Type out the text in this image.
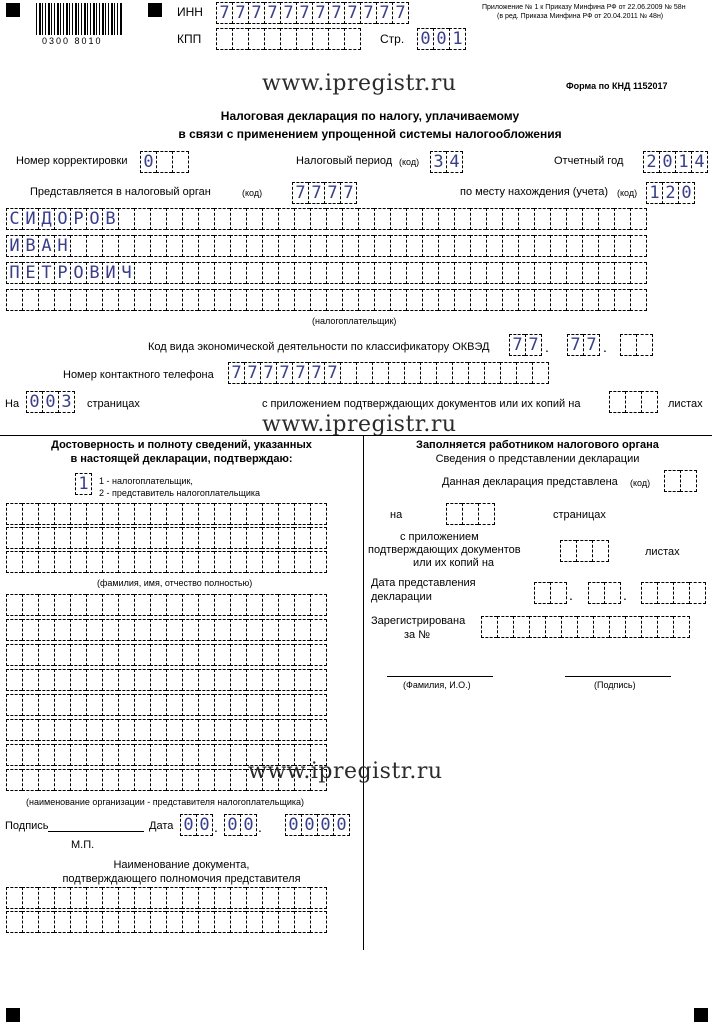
0300 8010
ИНН 7 7 7 7 7 7 7 7 7 7 7 7
КПП	Стр. 0 0 1
Приложение № 1 к Приказу Минфина РФ от 22.06.2009 № 58н
(в ред. Приказа Минфина РФ от 20.04.2011 № 48н)
www.ipregistr.ru	Форма по КНД 1152017
Налоговая декларация по налогу, уплачиваемому
в связи с применением упрощенной системы налогообложения
Номер корректировки 0	Налоговый период (код) 3 4	Отчетный год 2 0 1 4
Представляется в налоговый орган	(код) 7 7 7 7	по месту нахождения (учета) (код) 1 2 0
С И Д О Р О В
И В А Н
П Е Т Р О В И Ч
(налогоплательщик)
Код вида экономической деятельности по классификатору ОКВЭД 7 7 . 7 7
.
Номер контактного телефона 7 7 7 7 7 7 7
На 0 0 3	страницах	с приложением подтверждающих документов или их копий на	листах
www.ipregistr.ru
Достоверность и полноту сведений, указанных
в настоящей декларации, подтверждаю:
1	1 - налогоплательщик,
2 - представитель налогоплательщика
(фамилия, имя, отчество полностью)
(наименование организации - представителя налогоплательщика)
Подпись	Дата 0 0 . 0 0 . 0 0 0 0
М.П.
Наименование документа,
подтверждающего полномочия представителя
Заполняется работником налогового органа
Сведения о представлении декларации
Данная декларация представлена (код)
на	страницах
с приложением
подтверждающих документов
или их копий на
листах
Дата представления
декларации
.
.
Зарегистрирована
за №
(Фамилия, И.О.)	(Подпись)
www.ipregistr.ru
